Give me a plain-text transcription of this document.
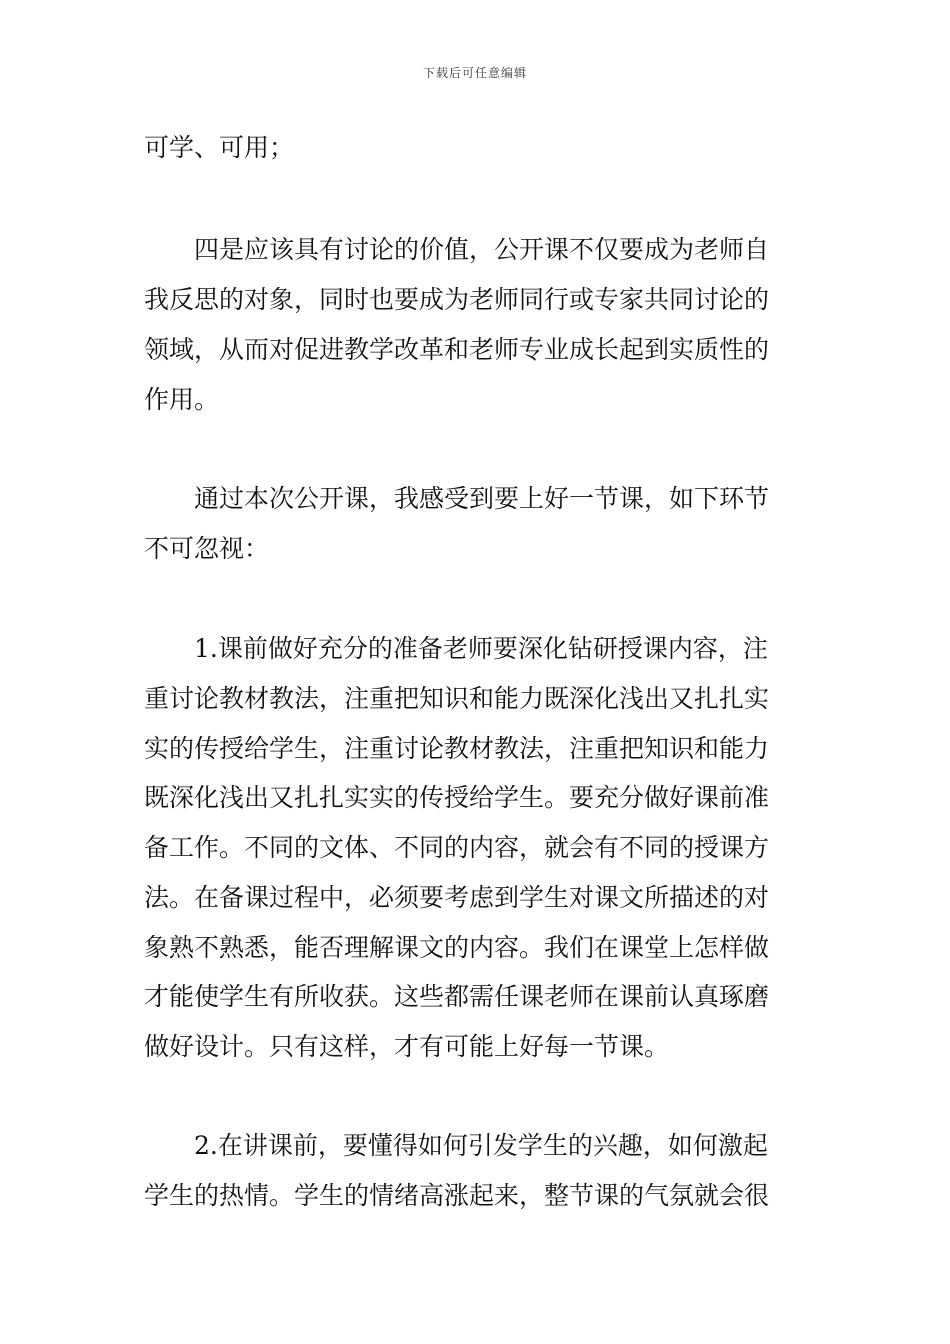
下载后可任意编辑
可学、可用；
四是应该具有讨论的价值，公开课不仅要成为老师自
我反思的对象，同时也要成为老师同行或专家共同讨论的
领域，从而对促进教学改革和老师专业成长起到实质性的
作用。
通过本次公开课，我感受到要上好一节课，如下环节
不可忽视：
1.课前做好充分的准备老师要深化钻研授课内容，注
重讨论教材教法，注重把知识和能力既深化浅出又扎扎实
实的传授给学生，注重讨论教材教法，注重把知识和能力
既深化浅出又扎扎实实的传授给学生。要充分做好课前准
备工作。不同的文体、不同的内容，就会有不同的授课方
法。在备课过程中，必须要考虑到学生对课文所描述的对
象熟不熟悉，能否理解课文的内容。我们在课堂上怎样做
才能使学生有所收获。这些都需任课老师在课前认真琢磨
做好设计。只有这样，才有可能上好每一节课。
2.在讲课前，要懂得如何引发学生的兴趣，如何激起
学生的热情。学生的情绪高涨起来，整节课的气氛就会很
